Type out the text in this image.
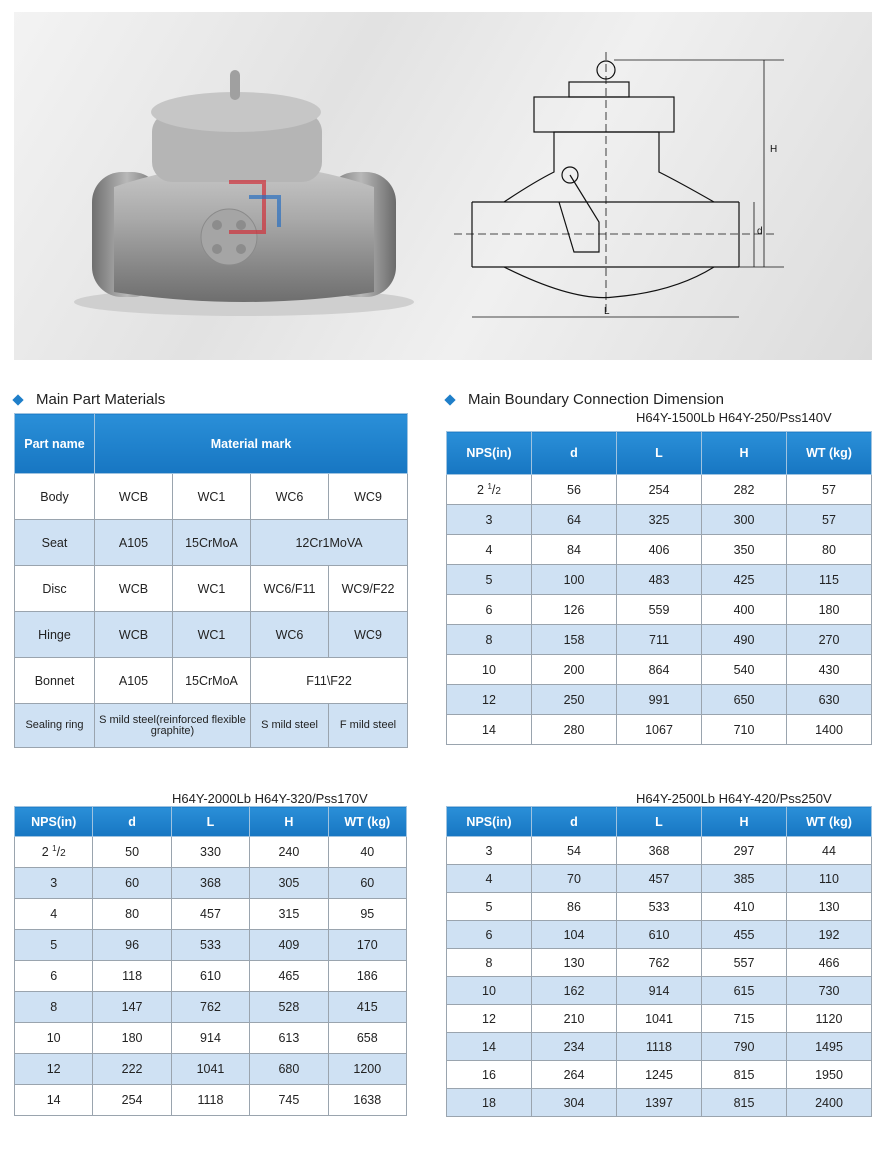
H
d
L
Main Part Materials	Main Boundary Connection Dimension
Part name	Material mark			
Body	WCB	WC1	WC6	WC9
Seat	A105	15CrMoA	12Cr1MoVA	
Disc	WCB	WC1	WC6/F11	WC9/F22
Hinge	WCB	WC1	WC6	WC9
Bonnet	A105	15CrMoA	F11\F22	
Sealing ring	S mild steel(reinforced flexible graphite)		S mild steel	F mild steel
H64Y-1500Lb H64Y-250/Pss140V
H64Y-2000Lb H64Y-320/Pss170V	H64Y-2500Lb H64Y-420/Pss250V
NPS(in)	d	L	H	WT (kg)
2 $^1$/2	56	254	282	57
3	64	325	300	57
4	84	406	350	80
5	100	483	425	115
6	126	559	400	180
8	158	711	490	270
10	200	864	540	430
12	250	991	650	630
14	280	1067	710	1400
NPS(in)	d	L	H	WT (kg)
2 $^1$/2	50	330	240	40
3	60	368	305	60
4	80	457	315	95
5	96	533	409	170
6	118	610	465	186
8	147	762	528	415
10	180	914	613	658
12	222	1041	680	1200
14	254	1118	745	1638
NPS(in)	d	L	H	WT (kg)
3	54	368	297	44
4	70	457	385	110
5	86	533	410	130
6	104	610	455	192
8	130	762	557	466
10	162	914	615	730
12	210	1041	715	1120
14	234	1118	790	1495
16	264	1245	815	1950
18	304	1397	815	2400
